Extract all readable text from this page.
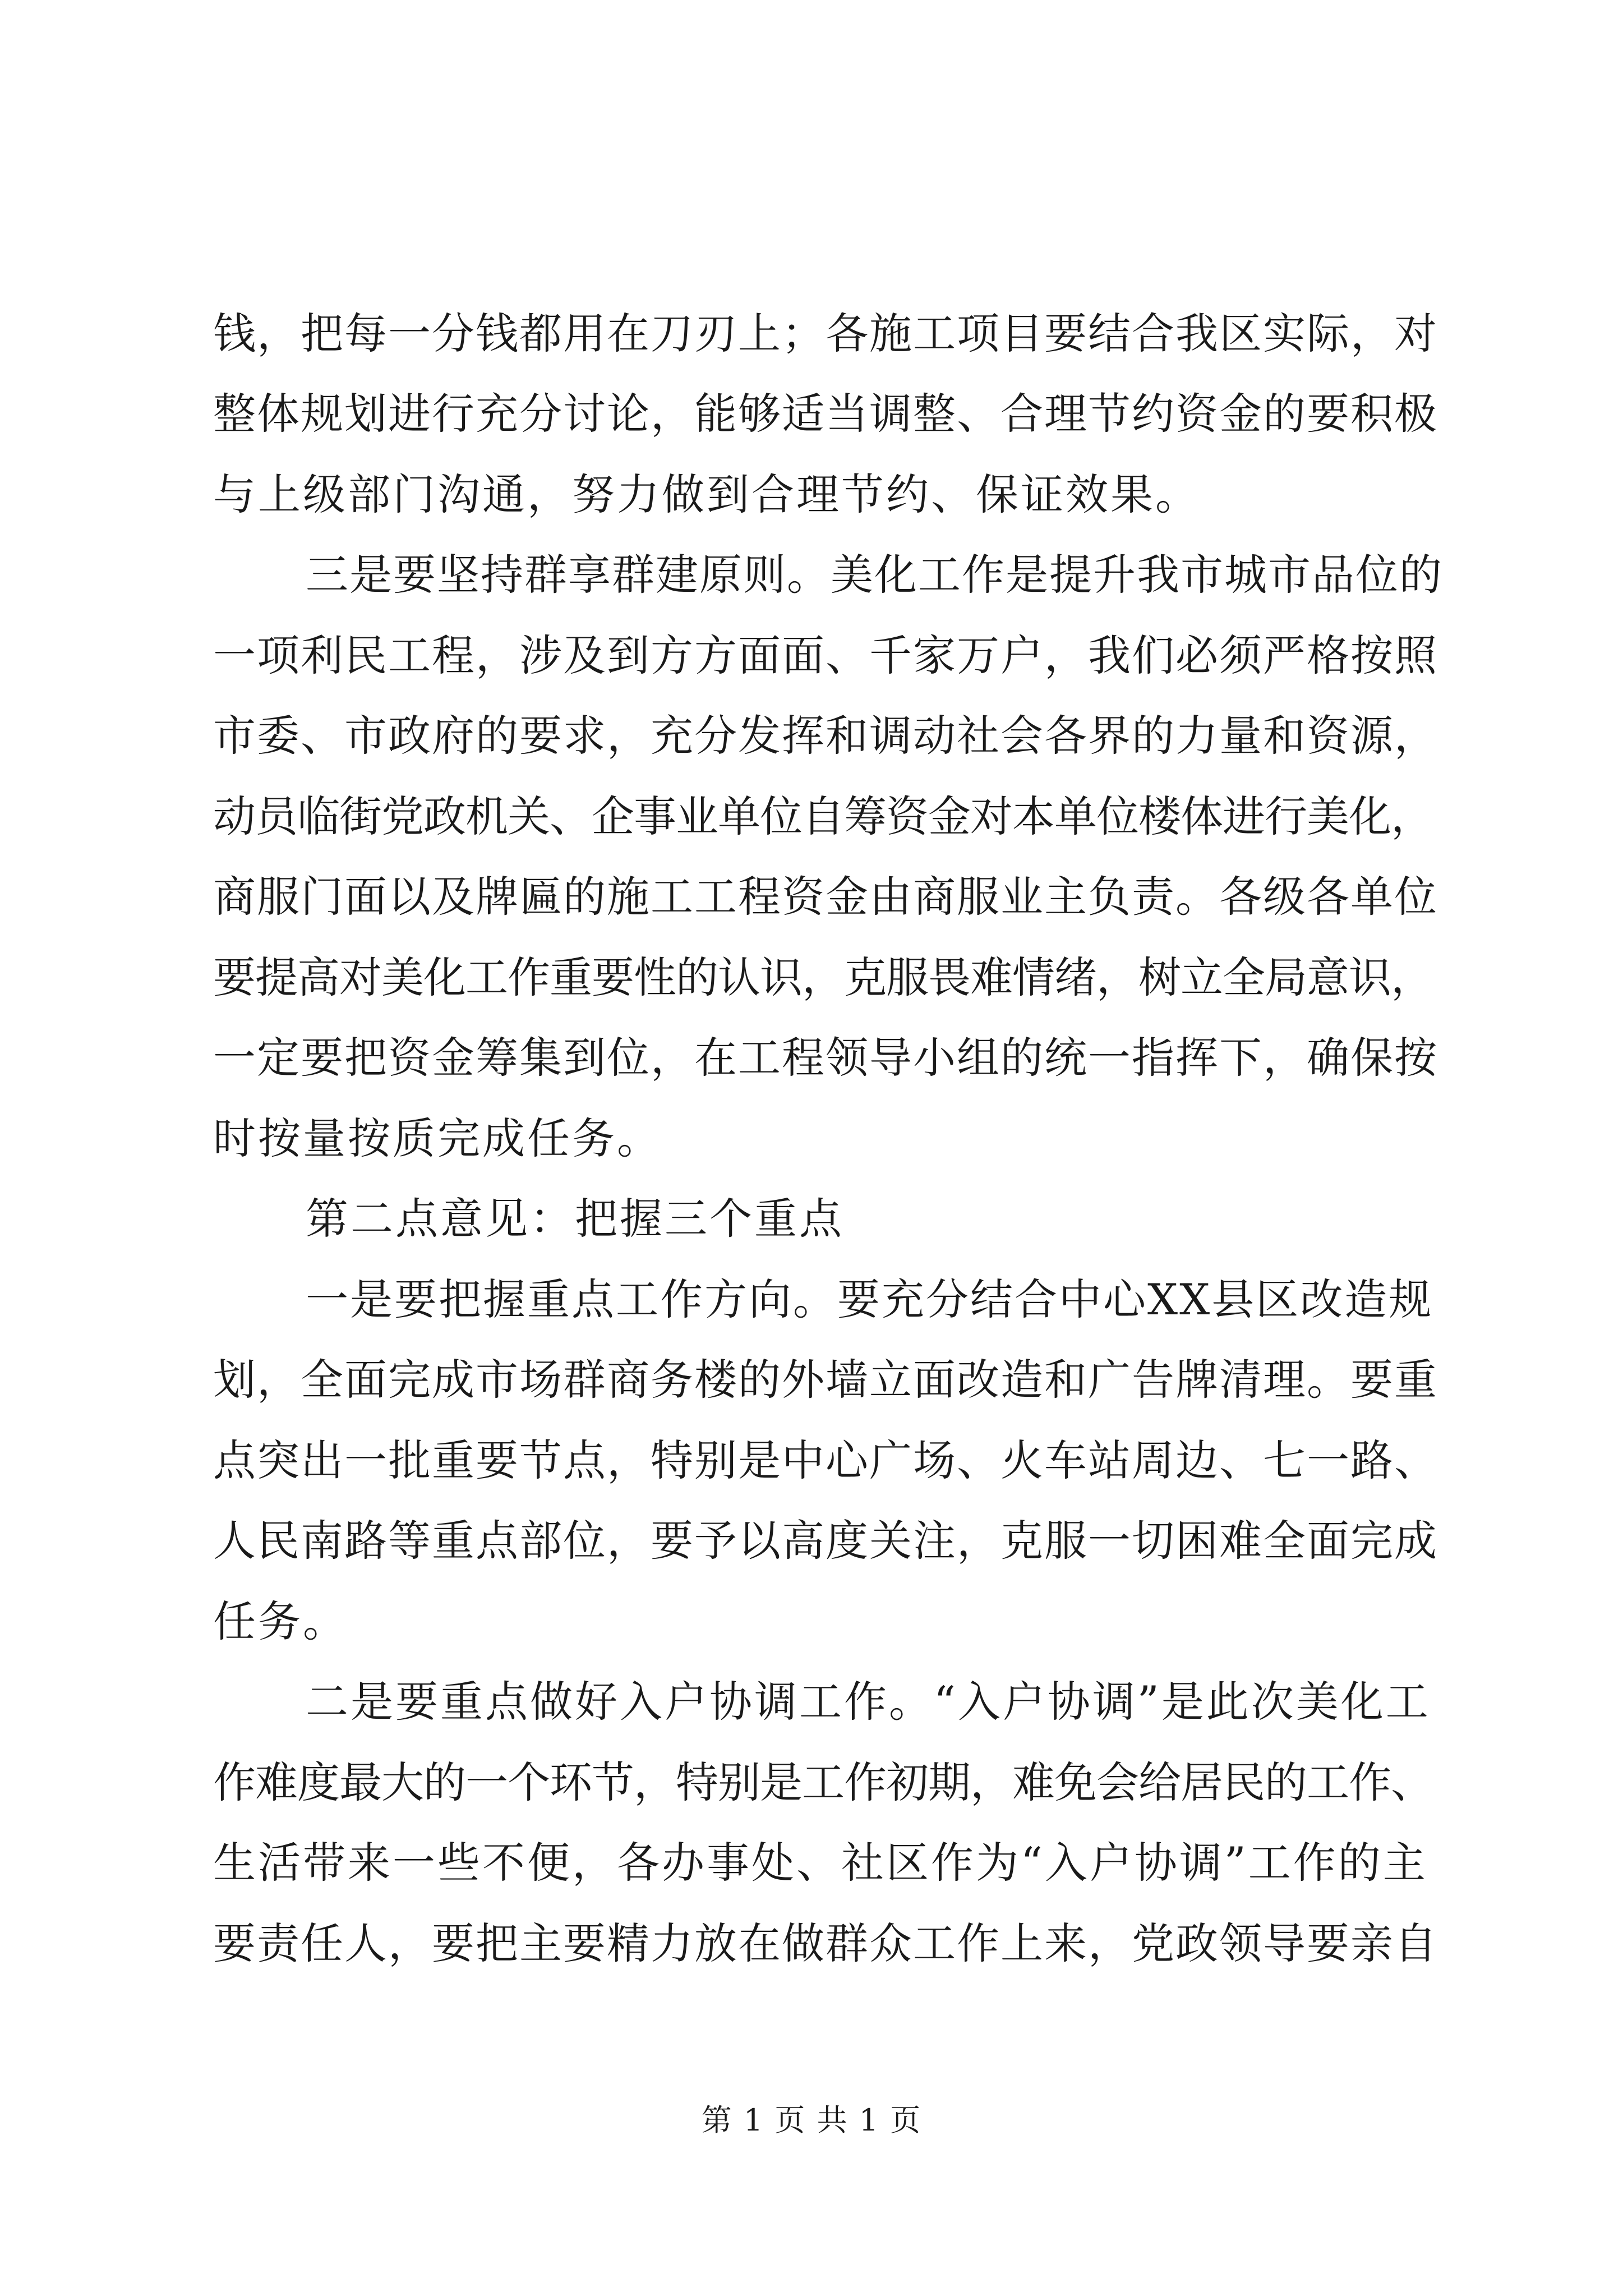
钱，把每一分钱都用在刀刃上；各施工项目要结合我区实际，对
整体规划进行充分讨论，能够适当调整、合理节约资金的要积极
与上级部门沟通，努力做到合理节约、保证效果。
三是要坚持群享群建原则。美化工作是提升我市城市品位的
一项利民工程，涉及到方方面面、千家万户，我们必须严格按照
市委、市政府的要求，充分发挥和调动社会各界的力量和资源，
动员临街党政机关、企事业单位自筹资金对本单位楼体进行美化，
商服门面以及牌匾的施工工程资金由商服业主负责。各级各单位
要提高对美化工作重要性的认识，克服畏难情绪，树立全局意识，
一定要把资金筹集到位，在工程领导小组的统一指挥下，确保按
时按量按质完成任务。
第二点意见：把握三个重点
一是要把握重点工作方向。要充分结合中心XX县区改造规
划，全面完成市场群商务楼的外墙立面改造和广告牌清理。要重
点突出一批重要节点，特别是中心广场、火车站周边、七一路、
人民南路等重点部位，要予以高度关注，克服一切困难全面完成
任务。
二是要重点做好入户协调工作。“入户协调”是此次美化工
作难度最大的一个环节，特别是工作初期，难免会给居民的工作、
生活带来一些不便，各办事处、社区作为“入户协调”工作的主
要责任人，要把主要精力放在做群众工作上来，党政领导要亲自
第 1 页 共 1 页
